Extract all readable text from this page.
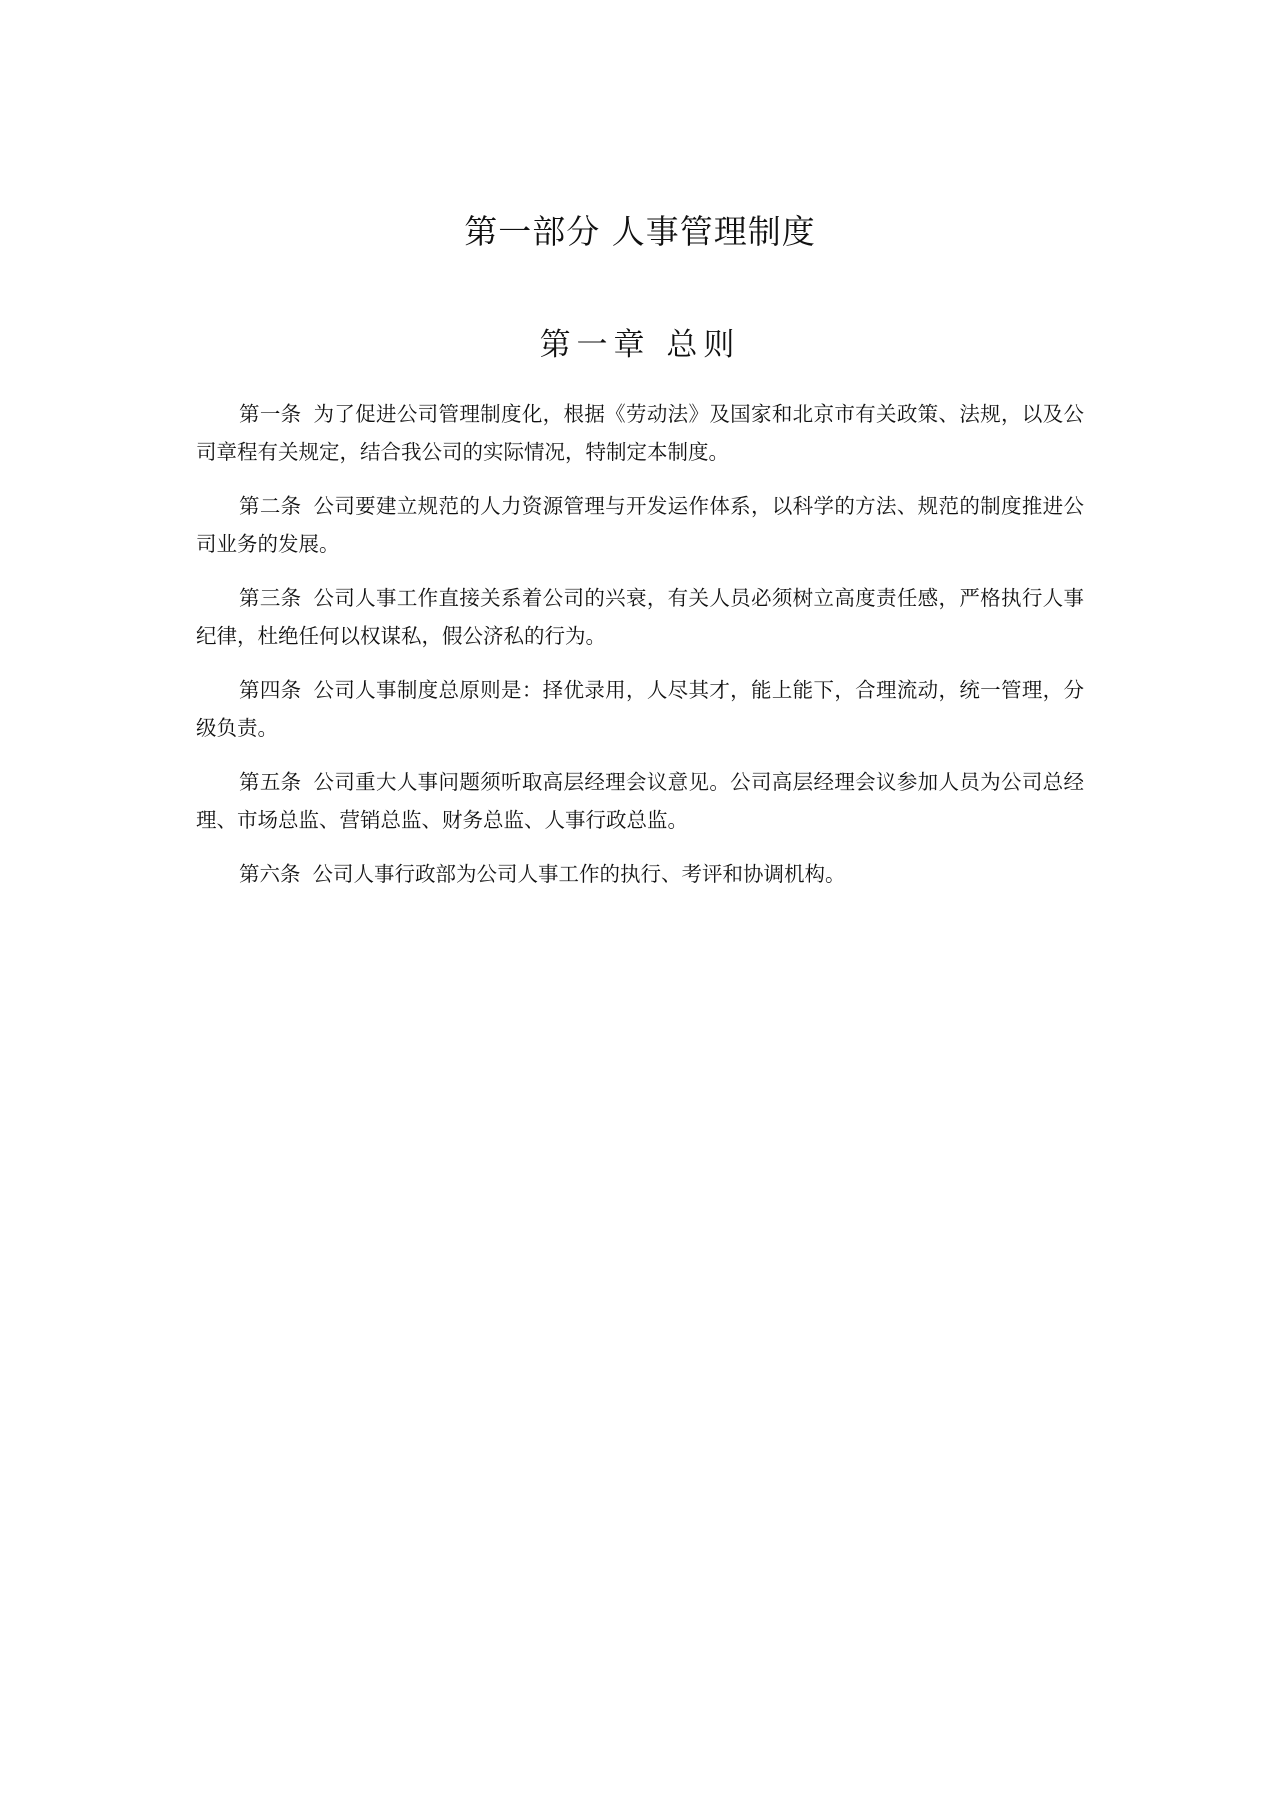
第一部分 人事管理制度
第一章 总则

第一条 为了促进公司管理制度化，根据《劳动法》及国家和北京市有关政策、法规，以及公司章程有关规定，结合我公司的实际情况，特制定本制度。

第二条 公司要建立规范的人力资源管理与开发运作体系，以科学的方法、规范的制度推进公司业务的发展。

第三条 公司人事工作直接关系着公司的兴衰，有关人员必须树立高度责任感，严格执行人事纪律，杜绝任何以权谋私，假公济私的行为。

第四条 公司人事制度总原则是：择优录用，人尽其才，能上能下，合理流动，统一管理，分级负责。

第五条 公司重大人事问题须听取高层经理会议意见。公司高层经理会议参加人员为公司总经理、市场总监、营销总监、财务总监、人事行政总监。

第六条 公司人事行政部为公司人事工作的执行、考评和协调机构。
